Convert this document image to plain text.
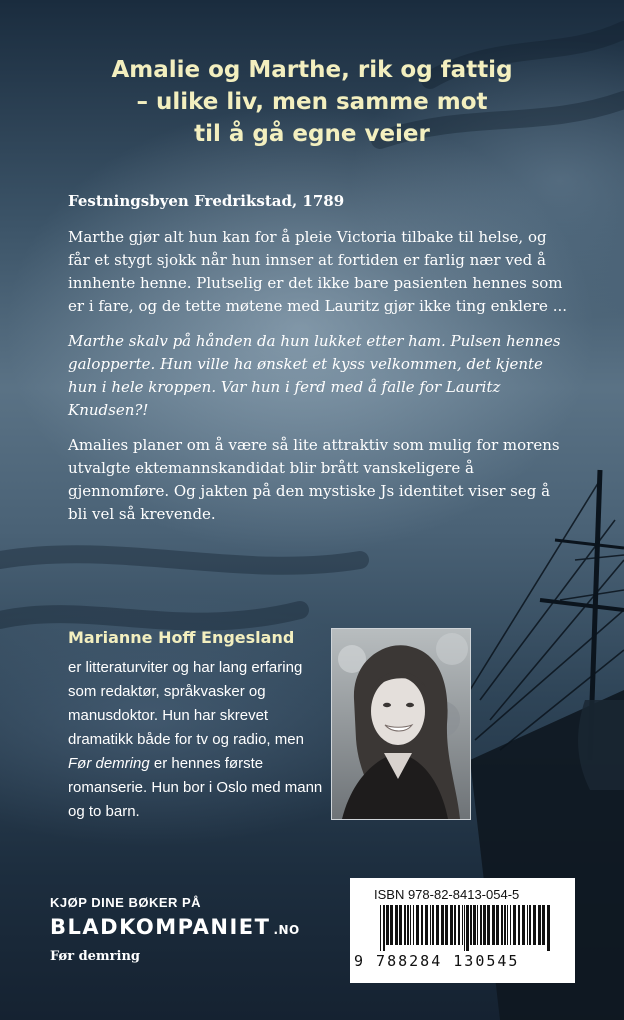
Amalie og Marthe, rik og fattig
– ulike liv, men samme mot
til å gå egne veier

Festningsbyen Fredrikstad, 1789

Marthe gjør alt hun kan for å pleie Victoria tilbake til helse, og får et stygt sjokk når hun innser at fortiden er farlig nær ved å innhente henne. Plutselig er det ikke bare pasienten hennes som er i fare, og de tette møtene med Lauritz gjør ikke ting enklere ...

Marthe skalv på hånden da hun lukket etter ham. Pulsen hennes galopperte. Hun ville ha ønsket et kyss velkommen, det kjente hun i hele kroppen. Var hun i ferd med å falle for Lauritz Knudsen?!

Amalies planer om å være så lite attraktiv som mulig for morens utvalgte ektemannskandidat blir brått vanskeligere å gjennomføre. Og jakten på den mystiske Js identitet viser seg å bli vel så krevende.

Marianne Hoff Engesland

er litteraturviter og har lang erfaring som redaktør, språkvasker og manusdoktor. Hun har skrevet dramatikk både for tv og radio, men Før demring er hennes første romanserie. Hun bor i Oslo med mann og to barn.

KJØP DINE BØKER PÅ

BLADKOMPANIET .NO

Før demring

ISBN 978-82-8413-054-5

9 788284 130545
